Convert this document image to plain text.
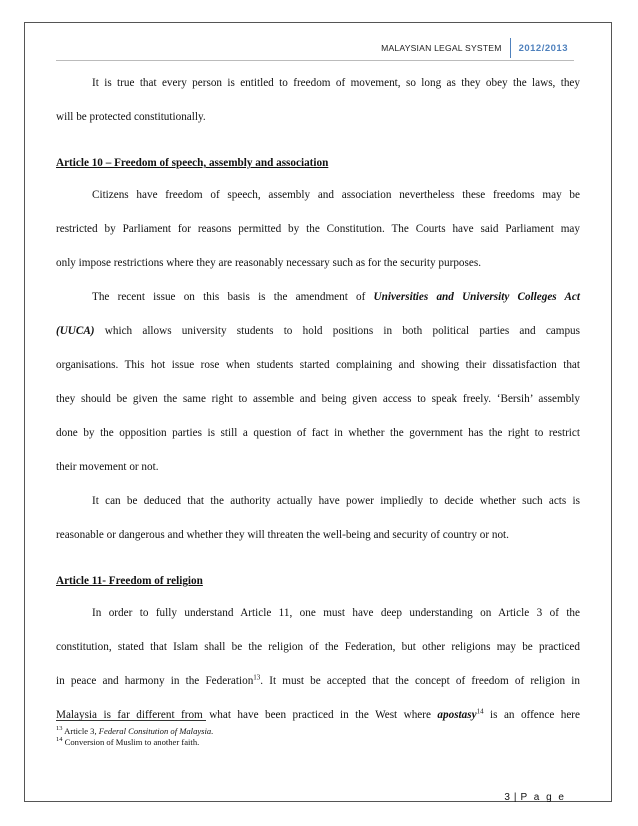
MALAYSIAN LEGAL SYSTEM	2012/2013

It is true that every person is entitled to freedom of movement, so long as they obey the laws, they

will be protected constitutionally.

Article 10 – Freedom of speech, assembly and association

Citizens have freedom of speech, assembly and association nevertheless these freedoms may be

restricted by Parliament for reasons permitted by the Constitution. The Courts have said Parliament may

only impose restrictions where they are reasonably necessary such as for the security purposes.

The recent issue on this basis is the amendment of Universities and University Colleges Act

(UUCA) which allows university students to hold positions in both political parties and campus

organisations. This hot issue rose when students started complaining and showing their dissatisfaction that

they should be given the same right to assemble and being given access to speak freely. ‘Bersih’ assembly

done by the opposition parties is still a question of fact in whether the government has the right to restrict

their movement or not.

It can be deduced that the authority actually have power impliedly to decide whether such acts is

reasonable or dangerous and whether they will threaten the well-being and security of country or not.

Article 11- Freedom of religion

In order to fully understand Article 11, one must have deep understanding on Article 3 of the

constitution, stated that Islam shall be the religion of the Federation, but other religions may be practiced

in peace and harmony in the Federation$^{13}$. It must be accepted that the concept of freedom of religion in

Malaysia is far different from what have been practiced in the West where apostasy$^{14}$ is an offence here

$^{13}$ Article 3, Federal Consitution of Malaysia.
$^{14}$ Conversion of Muslim to another faith.
3 | P a g e
